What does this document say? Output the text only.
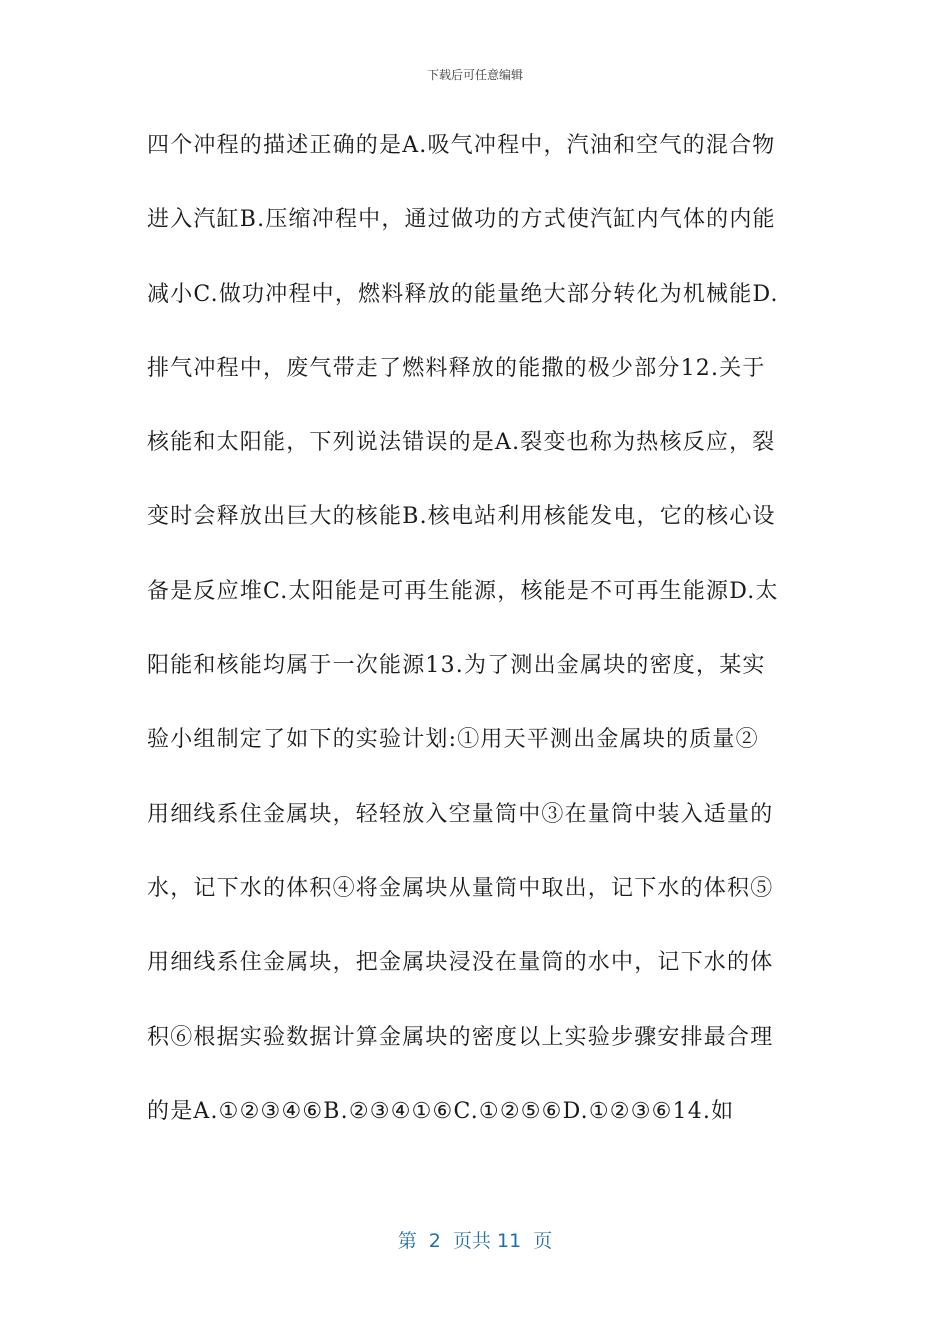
下载后可任意编辑
四个冲程的描述正确的是A.吸气冲程中，汽油和空气的混合物
进入汽缸B.压缩冲程中，通过做功的方式使汽缸内气体的内能
减小C.做功冲程中，燃料释放的能量绝大部分转化为机械能D.
排气冲程中，废气带走了燃料释放的能撒的极少部分12.关于
核能和太阳能，下列说法错误的是A.裂变也称为热核反应，裂
变时会释放出巨大的核能B.核电站利用核能发电，它的核心设
备是反应堆C.太阳能是可再生能源，核能是不可再生能源D.太
阳能和核能均属于一次能源13.为了测出金属块的密度，某实
验小组制定了如下的实验计划:①用天平测出金属块的质量②
用细线系住金属块，轻轻放入空量筒中③在量筒中装入适量的
水，记下水的体积④将金属块从量筒中取出，记下水的体积⑤
用细线系住金属块，把金属块浸没在量筒的水中，记下水的体
积⑥根据实验数据计算金属块的密度以上实验步骤安排最合理
的是A.①②③④⑥B.②③④①⑥C.①②⑤⑥D.①②③⑥14.如
第  2  页共 11  页
